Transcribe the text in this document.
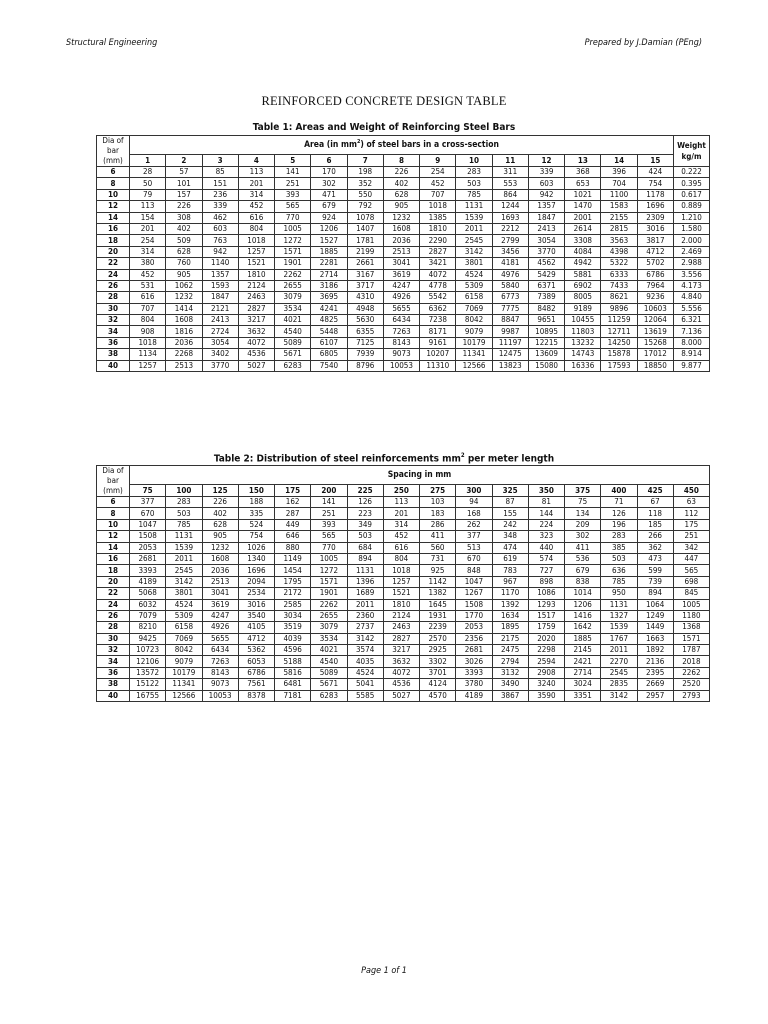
Structural Engineering	Prepared by J.Damian (PEng)
REINFORCED CONCRETE DESIGN TABLE
Table 1: Areas and Weight of Reinforcing Steel Bars
Dia of
bar
(mm)	Area (in $mm^2$) of steel bars in a cross-section															Weight
kg/m
	1	2	3	4	5	6	7	8	9	10	11	12	13	14	15	
6	28	57	85	113	141	170	198	226	254	283	311	339	368	396	424	0.222
8	50	101	151	201	251	302	352	402	452	503	553	603	653	704	754	0.395
10	79	157	236	314	393	471	550	628	707	785	864	942	1021	1100	1178	0.617
12	113	226	339	452	565	679	792	905	1018	1131	1244	1357	1470	1583	1696	0.889
14	154	308	462	616	770	924	1078	1232	1385	1539	1693	1847	2001	2155	2309	1.210
16	201	402	603	804	1005	1206	1407	1608	1810	2011	2212	2413	2614	2815	3016	1.580
18	254	509	763	1018	1272	1527	1781	2036	2290	2545	2799	3054	3308	3563	3817	2.000
20	314	628	942	1257	1571	1885	2199	2513	2827	3142	3456	3770	4084	4398	4712	2.469
22	380	760	1140	1521	1901	2281	2661	3041	3421	3801	4181	4562	4942	5322	5702	2.988
24	452	905	1357	1810	2262	2714	3167	3619	4072	4524	4976	5429	5881	6333	6786	3.556
26	531	1062	1593	2124	2655	3186	3717	4247	4778	5309	5840	6371	6902	7433	7964	4.173
28	616	1232	1847	2463	3079	3695	4310	4926	5542	6158	6773	7389	8005	8621	9236	4.840
30	707	1414	2121	2827	3534	4241	4948	5655	6362	7069	7775	8482	9189	9896	10603	5.556
32	804	1608	2413	3217	4021	4825	5630	6434	7238	8042	8847	9651	10455	11259	12064	6.321
34	908	1816	2724	3632	4540	5448	6355	7263	8171	9079	9987	10895	11803	12711	13619	7.136
36	1018	2036	3054	4072	5089	6107	7125	8143	9161	10179	11197	12215	13232	14250	15268	8.000
38	1134	2268	3402	4536	5671	6805	7939	9073	10207	11341	12475	13609	14743	15878	17012	8.914
40	1257	2513	3770	5027	6283	7540	8796	10053	11310	12566	13823	15080	16336	17593	18850	9.877
Table 2: Distribution of steel reinforcements $mm^2$ per meter length
Dia of
bar
(mm)	Spacing in mm															
	75	100	125	150	175	200	225	250	275	300	325	350	375	400	425	450
6	377	283	226	188	162	141	126	113	103	94	87	81	75	71	67	63
8	670	503	402	335	287	251	223	201	183	168	155	144	134	126	118	112
10	1047	785	628	524	449	393	349	314	286	262	242	224	209	196	185	175
12	1508	1131	905	754	646	565	503	452	411	377	348	323	302	283	266	251
14	2053	1539	1232	1026	880	770	684	616	560	513	474	440	411	385	362	342
16	2681	2011	1608	1340	1149	1005	894	804	731	670	619	574	536	503	473	447
18	3393	2545	2036	1696	1454	1272	1131	1018	925	848	783	727	679	636	599	565
20	4189	3142	2513	2094	1795	1571	1396	1257	1142	1047	967	898	838	785	739	698
22	5068	3801	3041	2534	2172	1901	1689	1521	1382	1267	1170	1086	1014	950	894	845
24	6032	4524	3619	3016	2585	2262	2011	1810	1645	1508	1392	1293	1206	1131	1064	1005
26	7079	5309	4247	3540	3034	2655	2360	2124	1931	1770	1634	1517	1416	1327	1249	1180
28	8210	6158	4926	4105	3519	3079	2737	2463	2239	2053	1895	1759	1642	1539	1449	1368
30	9425	7069	5655	4712	4039	3534	3142	2827	2570	2356	2175	2020	1885	1767	1663	1571
32	10723	8042	6434	5362	4596	4021	3574	3217	2925	2681	2475	2298	2145	2011	1892	1787
34	12106	9079	7263	6053	5188	4540	4035	3632	3302	3026	2794	2594	2421	2270	2136	2018
36	13572	10179	8143	6786	5816	5089	4524	4072	3701	3393	3132	2908	2714	2545	2395	2262
38	15122	11341	9073	7561	6481	5671	5041	4536	4124	3780	3490	3240	3024	2835	2669	2520
40	16755	12566	10053	8378	7181	6283	5585	5027	4570	4189	3867	3590	3351	3142	2957	2793
Page 1 of 1
